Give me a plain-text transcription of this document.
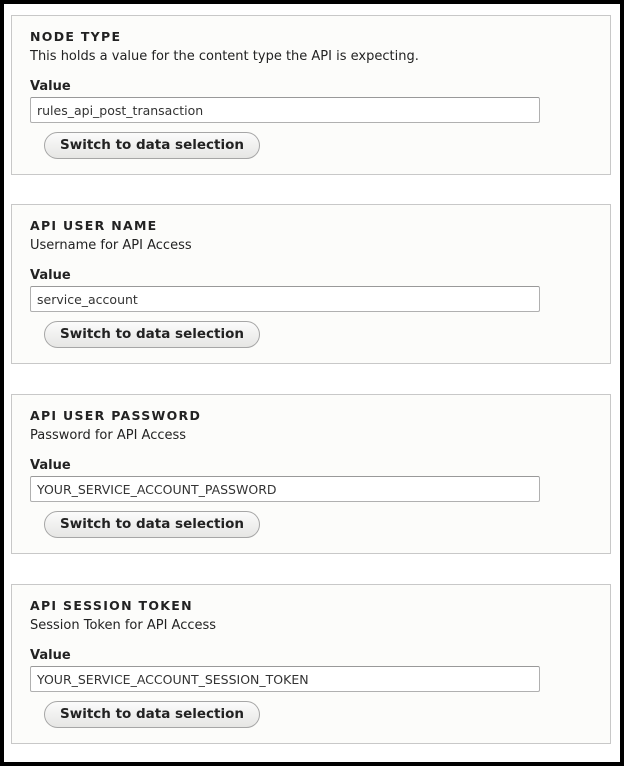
NODE TYPE
This holds a value for the content type the API is expecting.
Value
rules_api_post_transaction
Switch to data selection
API USER NAME
Username for API Access
Value
service_account
Switch to data selection
API USER PASSWORD
Password for API Access
Value
YOUR_SERVICE_ACCOUNT_PASSWORD
Switch to data selection
API SESSION TOKEN
Session Token for API Access
Value
YOUR_SERVICE_ACCOUNT_SESSION_TOKEN
Switch to data selection
